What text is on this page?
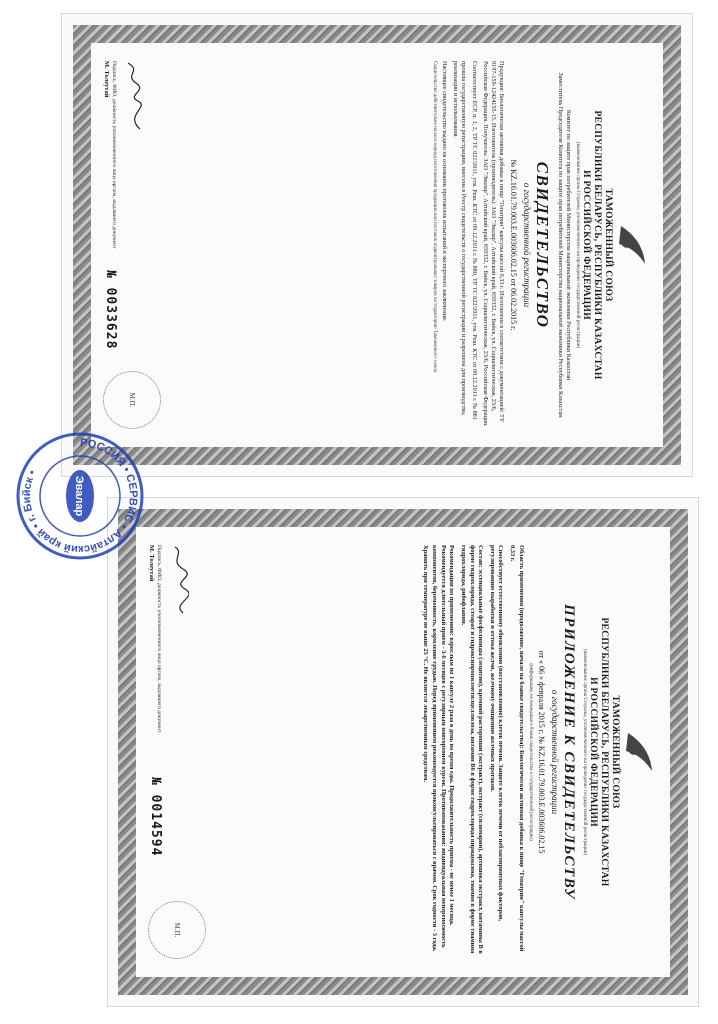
ТАМОЖЕННЫЙ СОЮЗ
РЕСПУБЛИКИ БЕЛАРУСЬ, РЕСПУБЛИКИ КАЗАХСТАН
И РОССИЙСКОЙ ФЕДЕРАЦИИ
(наименование органа Стороны, уполномоченного на проведение государственной регистрации)
Комитет по защите прав потребителей Министерства национальной экономики Республики Казахстан
Заместитель Председателя Комитета по защите прав потребителей Министерства национальной экономики Республики Казахстан
СВИДЕТЕЛЬСТВО
о государственной регистрации
№ KZ.16.01.79.003.E.003606.02.15 от 06.02.2015 г.
Продукция: Биологически активная добавка к пище "Гепатрин" капсулы массой 0,33 г. Изготовлена в соответствии с документацией: ТУ 9197-159-12424155-13. Изготовитель (производитель): ЗАО "Эвалар", Алтайский край, 659332, г. Бийск, ул. Социалистическая, 23/6, Российская Федерация. Получатель: ЗАО "Эвалар", Алтайский край, 659332, г. Бийск, ул. Социалистическая, 23/6, Российская Федерация.
Соответствует ЕСР, п. 1, 2, ТР ТС 021/2011, утв. Реш. КТС от 09.12.2011 г. № 880, ТР ТС 022/2011, утв. Реш. КТС от 09.12.2011 г. № 881
прошла государственную регистрацию, внесена в Реестр свидетельств о государственной регистрации и разрешена для производства, реализации и использования.
Настоящее свидетельство выдано на основании протоколов испытаний и экспертного заключения.
Свидетельство действительно на весь период изготовления продукции или поставок подконтрольных товаров на территорию Таможенного союза
Подпись, ФИО, должность уполномоченного лица органа, выдавшего документ
М. Толеутай
№ 0033628
М.П.
ТАМОЖЕННЫЙ СОЮЗ
РЕСПУБЛИКИ БЕЛАРУСЬ, РЕСПУБЛИКИ КАЗАХСТАН
И РОССИЙСКОЙ ФЕДЕРАЦИИ
(наименование органа Стороны, уполномоченного на проведение государственной регистрации)
ПРИЛОЖЕНИЕ К СВИДЕТЕЛЬСТВУ
о государственной регистрации
от « 06 » февраля 2015 г. № KZ.16.01.79.003.E.003606.02.15
(информация, не вошедшая в бланк свидетельства о государственной регистрации)
Область применения (продолжение, начало на бланке свидетельства): Биологически активная добавка к пище "Гепатрин" капсулы массой 0,33 г.
Способствует естественному обновлению (восстановлению) клеток печени. Защите клеток печени от неблагоприятных факторов, регулированию выработки и оттока желчи, желчному очищению желчных протоков.
Состав: эссенциальные фосфолипиды (лецитин), кремний расторопши (экстракт), экстракт (силимарин), артишока экстракт, витамины В в форме гидрохлорида, стеарат и гидроксипропилметилцеллюлоза, витамин В6 в форме гидрохлорида пиридоксина, тиамин в форме тиамина гидрохлорида, рибофлавин.
Рекомендации по применению: взрослым по 1 капсуле 2 раза в день во время еды. Продолжительность приема - не менее 1 месяца. Рекомендуется длительный прием - 3-6 месяцев с регулярным повторением курсов. Противопоказания: индивидуальная непереносимость компонентов, беременность, кормление грудью. Перед применением рекомендуется проконсультироваться с врачом. Срок годности - 3 года. Хранить при температуре не выше 25 °С. Не является лекарственным средством.
Подпись, ФИО, должность уполномоченного лица органа, выдавшего документ
М. Толеутай
№ 0014594
М.П.
РОССИЯ • СЕРВИС • Алтайский край • г. Бийск •
Эвалар
